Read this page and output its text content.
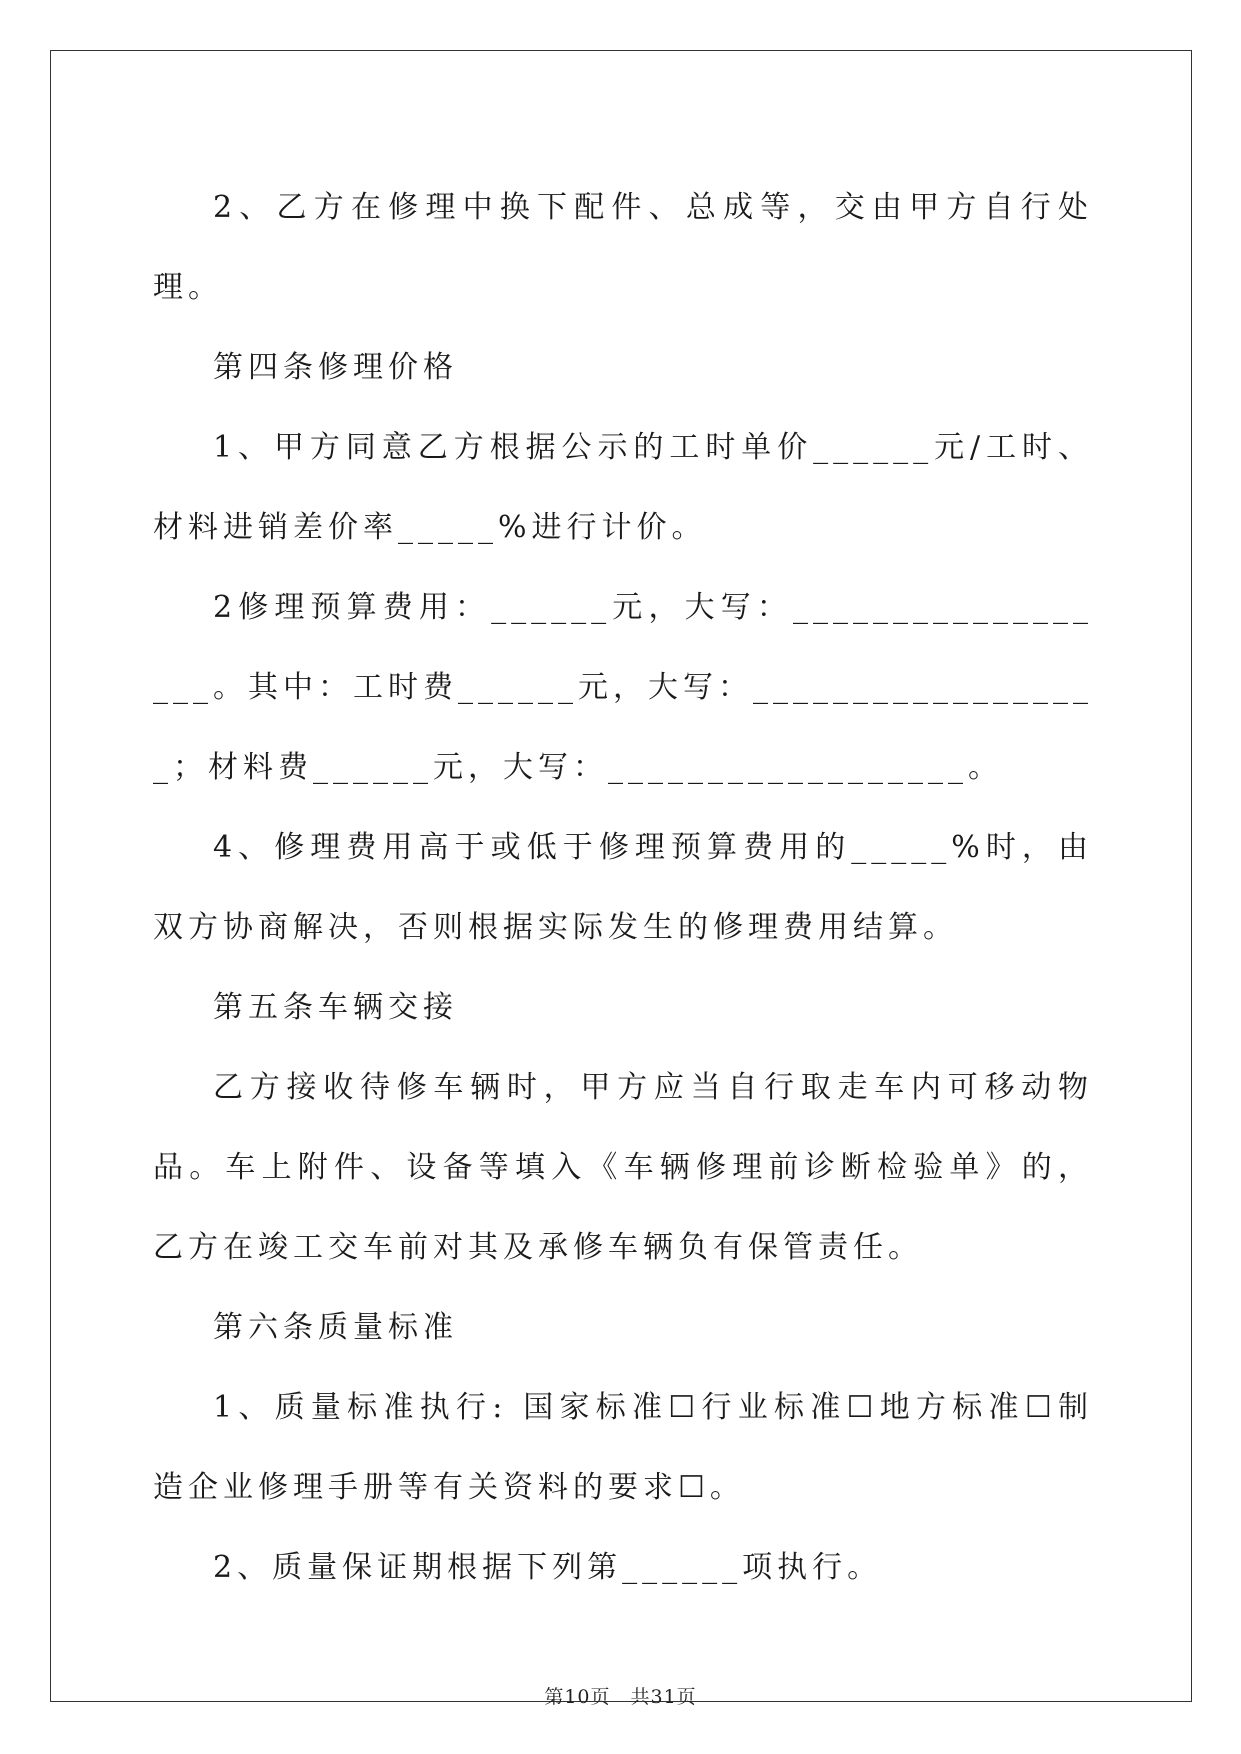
2、乙方在修理中换下配件、总成等，交由甲方自行处理。

第四条修理价格

1、甲方同意乙方根据公示的工时单价______元/工时、材料进销差价率_____%进行计价。

2修理预算费用：______元，大写：__________________。其中：工时费______元，大写：__________________；材料费______元，大写：__________________。

4、修理费用高于或低于修理预算费用的_____%时，由双方协商解决，否则根据实际发生的修理费用结算。

第五条车辆交接

乙方接收待修车辆时，甲方应当自行取走车内可移动物品。车上附件、设备等填入《车辆修理前诊断检验单》的，乙方在竣工交车前对其及承修车辆负有保管责任。

第六条质量标准

1、质量标准执行: 国家标准☐行业标准☐地方标准☐制造企业修理手册等有关资料的要求☐。

2、质量保证期根据下列第______项执行。

第10页　共31页
